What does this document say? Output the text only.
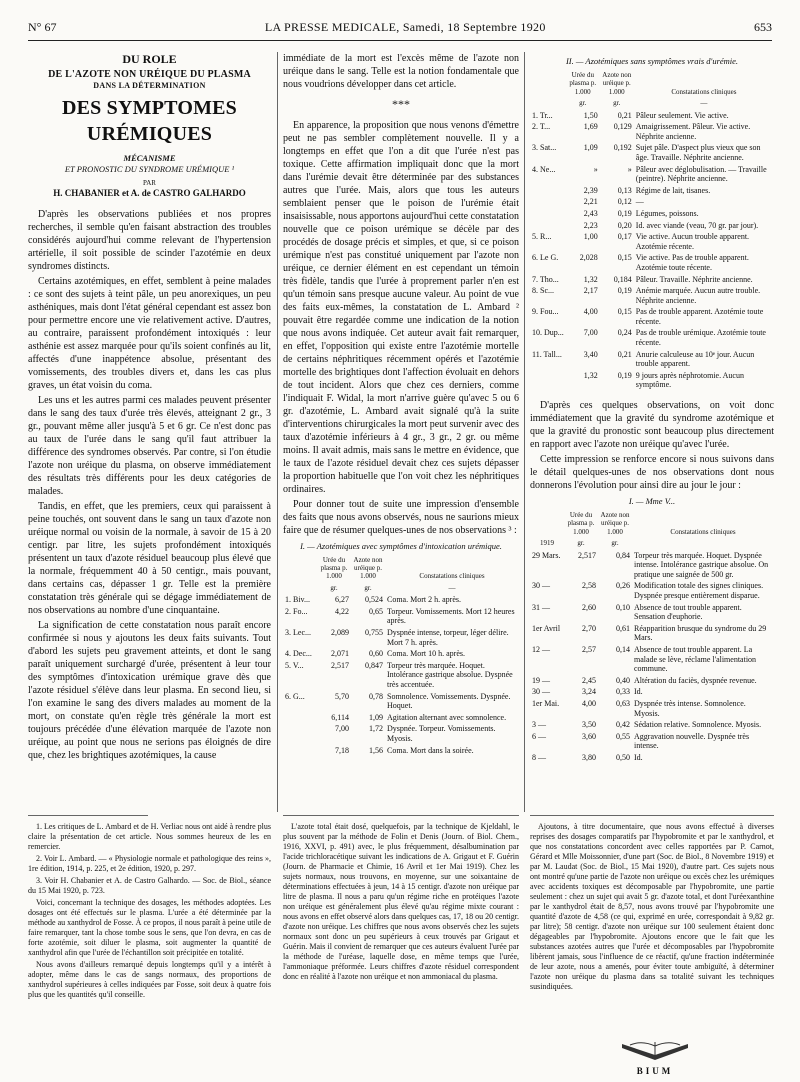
N° 67	LA PRESSE MEDICALE, Samedi, 18 Septembre 1920	653
DU ROLE
DE L'AZOTE NON URÉIQUE DU PLASMA
DANS LA DÉTERMINATION
DES SYMPTOMES URÉMIQUES
MÉCANISME
ET PRONOSTIC DU SYNDROME URÉMIQUE ¹
PAR
H. CHABANIER et A. de CASTRO GALHARDO

D'après les observations publiées et nos propres recherches, il semble qu'en faisant abstraction des troubles considérés aujourd'hui comme relevant de l'hypertension artérielle, il soit possible de scinder l'azotémie en deux syndromes distincts.

Certains azotémiques, en effet, semblent à peine malades : ce sont des sujets à teint pâle, un peu anorexiques, un peu asthéniques, mais dont l'état général cependant est assez bon pour permettre encore une vie relativement active. D'autres, au contraire, paraissent profondément intoxiqués : leur asthénie est assez marquée pour qu'ils soient confinés au lit, affectés d'une inappétence absolue, présentant des vomissements, des troubles divers et, dans les cas plus graves, un état voisin du coma.

Les uns et les autres parmi ces malades peuvent présenter dans le sang des taux d'urée très élevés, atteignant 2 gr., 3 gr., pouvant même aller jusqu'à 5 et 6 gr. Ce n'est donc pas au taux de l'urée dans le sang qu'il faut attribuer la différence des syndromes observés. Par contre, si l'on étudie l'azote non uréique du plasma, on observe immédiatement des résultats très différents pour les deux catégories de malades.

Tandis, en effet, que les premiers, ceux qui paraissent à peine touchés, ont souvent dans le sang un taux d'azote non uréique normal ou voisin de la normale, à savoir de 15 à 20 centigr. par litre, les sujets profondément intoxiqués présentent un taux d'azote résiduel beaucoup plus élevé que la normale, fréquemment 40 à 50 centigr., mais pouvant, dans certains cas, dépasser 1 gr. Telle est la première constatation très générale qui se dégage immédiatement de nos observations au nombre d'une cinquantaine.

La signification de cette constatation nous paraît encore confirmée si nous y ajoutons les deux faits suivants. Tout d'abord les sujets peu gravement atteints, et dont le sang paraît uniquement surchargé d'urée, présentent à leur tour des symptômes d'intoxication urémique grave dès que l'azote résiduel s'élève dans leur plasma. En second lieu, si l'on examine le sang des divers malades au moment de la mort, on constate qu'en règle très générale la mort est toujours précédée d'une élévation marquée de l'azote non uréique, au point que nous ne serions pas éloignés de dire que, chez les brightiques azotémiques, la cause

immédiate de la mort est l'excès même de l'azote non uréique dans le sang. Telle est la notion fondamentale que nous voudrions développer dans cet article.

***

En apparence, la proposition que nous venons d'émettre peut ne pas sembler complètement nouvelle. Il y a longtemps en effet que l'on a dit que l'urée n'est pas toxique. Cette affirmation impliquait donc que la mort dans l'urémie devait être déterminée par des substances autres que l'urée. Mais, alors que tous les auteurs semblaient penser que le poison de l'urémie était insaisissable, nous apportons aujourd'hui cette constatation nouvelle que ce poison urémique se décèle par des procédés de dosage précis et simples, et que, si ce poison urémique n'est pas constitué uniquement par l'azote non uréique, ce dernier élément en est cependant un témoin très fidèle, tandis que l'urée à proprement parler n'en est qu'un témoin sans presque aucune valeur. Au point de vue des faits eux-mêmes, la constatation de L. Ambard ² pouvait être regardée comme une indication de la notion que nous avons indiquée. Cet auteur avait fait remarquer, en effet, l'opposition qui existe entre l'azotémie mortelle de certains néphritiques récemment opérés et l'azotémie mortelle des brightiques dont l'affection évoluait en dehors de tout incident. Alors que chez ces derniers, comme l'indiquait F. Widal, la mort n'arrive guère qu'avec 5 ou 6 gr. d'azotémie, L. Ambard avait signalé qu'à la suite d'interventions chirurgicales la mort peut survenir avec des taux d'azotémie inférieurs à 4 gr., 3 gr., 2 gr. ou même moins. Il avait admis, mais sans le mettre en évidence, que le taux de l'azote résiduel devait chez ces sujets dépasser la proportion habituelle que l'on voit chez les néphritiques ordinaires.

Pour donner tout de suite une impression d'ensemble des faits que nous avons observés, nous ne saurions mieux faire que de résumer quelques-unes de nos observations ³ :

I. — Azotémiques avec symptômes d'intoxication urémique.
	Urée du plasma p. 1.000	Azote non uréique p. 1.000	Constatations cliniques
	gr.	gr.	—
1. Biv...	6,27	0,524	Coma. Mort 2 h. après.
2. Fo...	4,22	0,65	Torpeur. Vomissements. Mort 12 heures après.
3. Lec...	2,089	0,755	Dyspnée intense, torpeur, léger délire. Mort 7 h. après.
4. Dec...	2,071	0,60	Coma. Mort 10 h. après.
5. V...	2,517	0,847	Torpeur très marquée. Hoquet. Intolérance gastrique absolue. Dyspnée très accentuée.
6. G...	5,70	0,78	Somnolence. Vomissements. Dyspnée. Hoquet.
	6,114	1,09	Agitation alternant avec somnolence.
	7,00	1,72	Dyspnée. Torpeur. Vomissements. Myosis.
	7,18	1,56	Coma. Mort dans la soirée.
II. — Azotémiques sans symptômes vrais d'urémie.
	Urée du plasma p. 1.000	Azote non uréique p. 1.000	Constatations cliniques
	gr.	gr.	—
1. Tr...	1,50	0,21	Pâleur seulement. Vie active.
2. T...	1,69	0,129	Amaigrissement. Pâleur. Vie active. Néphrite ancienne.
3. Sat...	1,09	0,192	Sujet pâle. D'aspect plus vieux que son âge. Travaille. Néphrite ancienne.
4. Ne...	»	»	Pâleur avec déglobulisation. — Travaille (peintre). Néphrite ancienne.
	2,39	0,13	Régime de lait, tisanes.
	2,21	0,12	—
	2,43	0,19	Légumes, poissons.
	2,23	0,20	Id. avec viande (veau, 70 gr. par jour).
5. R...	1,00	0,17	Vie active. Aucun trouble apparent. Azotémie récente.
6. Le G.	2,028	0,15	Vie active. Pas de trouble apparent. Azotémie toute récente.
7. Tho...	1,32	0,184	Pâleur. Travaille. Néphrite ancienne.
8. Sc...	2,17	0,19	Anémie marquée. Aucun autre trouble. Néphrite ancienne.
9. Fou...	4,00	0,15	Pas de trouble apparent. Azotémie toute récente.
10. Dup...	7,00	0,24	Pas de trouble urémique. Azotémie toute récente.
11. Tall...	3,40	0,21	Anurie calculeuse au 10ᵉ jour. Aucun trouble apparent.
	1,32	0,19	9 jours après néphrotomie. Aucun symptôme.

D'après ces quelques observations, on voit donc immédiatement que la gravité du syndrome azotémique et que la gravité du pronostic sont beaucoup plus directement en rapport avec l'azote non uréique qu'avec l'urée.

Cette impression se renforce encore si nous suivons dans le détail quelques-unes de nos observations dont nous donnerons l'évolution pour ainsi dire au jour le jour :

I. — Mme V...
	Urée du plasma p. 1.000	Azote non uréique p. 1.000	Constatations cliniques
1919	gr.	gr.	
29 Mars.	2,517	0,84	Torpeur très marquée. Hoquet. Dyspnée intense. Intolérance gastrique absolue. On pratique une saignée de 500 gr.
30 —	2,58	0,26	Modification totale des signes cliniques. Dyspnée presque entièrement disparue.
31 —	2,60	0,10	Absence de tout trouble apparent. Sensation d'euphorie.
1er Avril	2,70	0,61	Réapparition brusque du syndrome du 29 Mars.
12 —	2,57	0,14	Absence de tout trouble apparent. La malade se lève, réclame l'alimentation commune.
19 —	2,45	0,40	Altération du faciès, dyspnée revenue.
30 —	3,24	0,33	Id.
1er Mai.	4,00	0,63	Dyspnée très intense. Somnolence. Myosis.
3 —	3,50	0,42	Sédation relative. Somnolence. Myosis.
6 —	3,60	0,55	Aggravation nouvelle. Dyspnée très intense.
8 —	3,80	0,50	Id.

1. Les critiques de L. Ambard et de H. Verliac nous ont aidé à rendre plus claire la présentation de cet article. Nous sommes heureux de les en remercier.

2. Voir L. Ambard. — « Physiologie normale et pathologique des reins », 1re édition, 1914, p. 225, et 2e édition, 1920, p. 297.

3. Voir H. Chabanier et A. de Castro Galhardo. — Soc. de Biol., séance du 15 Mai 1920, p. 723.

Voici, concernant la technique des dosages, les méthodes adoptées. Les dosages ont été effectués sur le plasma. L'urée a été déterminée par la méthode au xanthydrol de Fosse. À ce propos, il nous paraît à peine utile de faire remarquer, tant la chose tombe sous le sens, que l'on devra, en cas de forte azotémie, soit diluer le plasma, soit augmenter la quantité de xanthydrol afin que l'urée de l'échantillon soit précipitée en totalité.

Nous avons d'ailleurs remarqué depuis longtemps qu'il y a intérêt à adopter, même dans le cas de sangs normaux, des proportions de xanthydrol supérieures à celles indiquées par Fosse, soit deux à quatre fois plus que les quantités qu'il conseille.

L'azote total était dosé, quelquefois, par la technique de Kjeldahl, le plus souvent par la méthode de Folin et Denis (Journ. of Biol. Chem., 1916, XXVI, p. 491) avec, le plus fréquemment, désalbumination par l'acide trichloracétique suivant les indications de A. Grigaut et F. Guérin (Journ. de Pharmacie et Chimie, 16 Avril et 1er Mai 1919). Chez les sujets normaux, nous trouvons, en moyenne, sur une soixantaine de déterminations effectuées à jeun, 14 à 15 centigr. d'azote non uréique par litre de plasma. Il nous a paru qu'un régime riche en protéiques l'azote non uréique est généralement plus élevé qu'au régime mixte courant : nous avons en effet observé alors dans quelques cas, 17, 18 ou 20 centigr. d'azote non uréique. Les chiffres que nous avons observés chez les sujets normaux sont donc un peu supérieurs à ceux trouvés par Grigaut et Guérin. Mais il convient de remarquer que ces auteurs évaluent l'urée par la méthode de l'uréase, laquelle dose, en même temps que l'urée, l'ammoniaque préformée. Leurs chiffres d'azote résiduel correspondent donc en réalité à l'azote non uréique et non ammoniacal du plasma.

Ajoutons, à titre documentaire, que nous avons effectué à diverses reprises des dosages comparatifs par l'hypobromite et par le xanthydrol, et que nos constatations concordent avec celles rapportées par P. Carnot, Gérard et Mlle Moissonnier, d'une part (Soc. de Biol., 8 Novembre 1919) et par M. Laudat (Soc. de Biol., 15 Mai 1920), d'autre part. Ces sujets nous ont montré qu'une partie de l'azote non uréique ou excès chez les urémiques avec accidents toxiques est décomposable par l'hypobromite, une partie seulement : chez un sujet qui avait 5 gr. d'azote total, et dont l'uréexanthine par le xanthydrol était de 8,57, nous avons trouvé par l'hypobromite une quantité d'azote de 4,58 (ce qui, exprimé en urée, correspondait à 9,82 gr. par litre); 58 centigr. d'azote non uréique sur 100 seulement étaient donc dégageables par l'hypobromite. Ajoutons encore que le fait que les substances azotées autres que l'urée et décomposables par l'hypobromite libèrent jamais, sous l'influence de ce réactif, qu'une fraction indéterminée de leur azote, nous a amenés, pour éviter toute ambiguïté, à déterminer l'azote non uréique du plasma dans sa totalité suivant les techniques susindiquées.

BIUM
